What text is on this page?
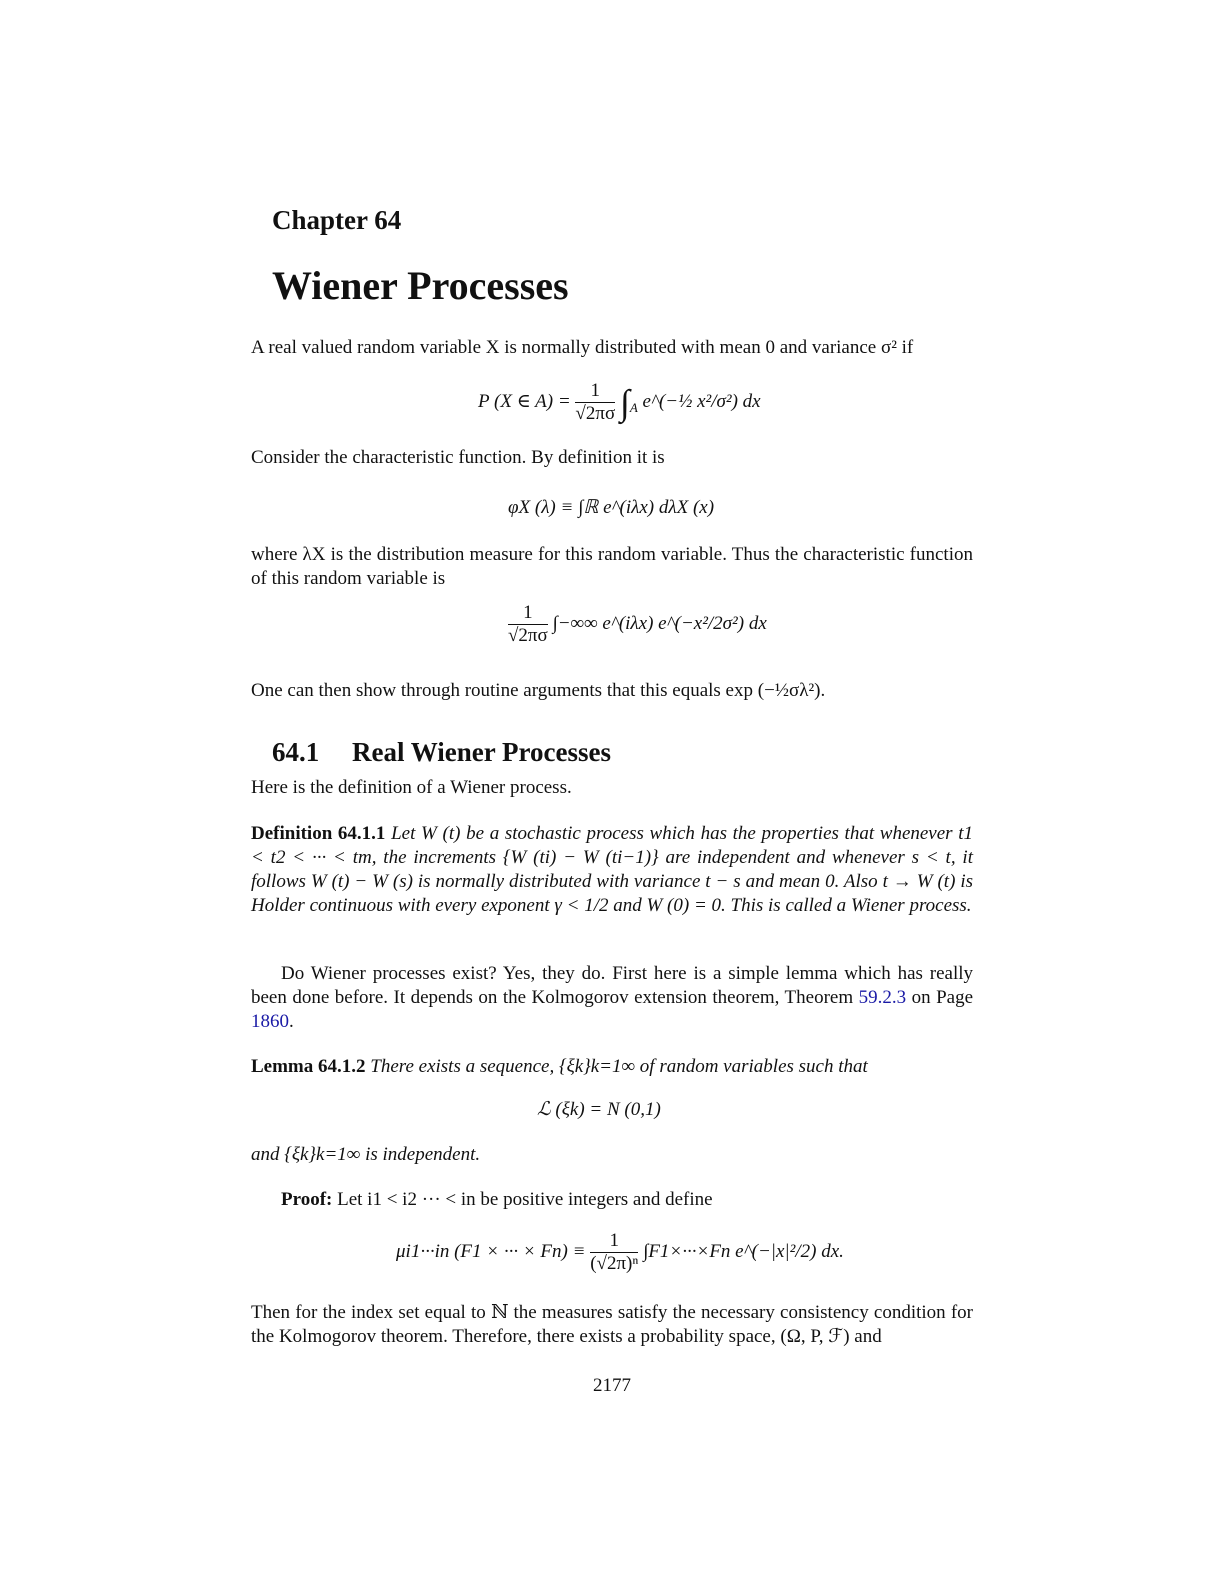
Chapter 64
Wiener Processes
A real valued random variable X is normally distributed with mean 0 and variance σ² if
P (X ∈ $A) = \frac{1}{√2\pi\sigma} \int_A$ e^(−½ x²/σ²) dx
Consider the characteristic function. By definition it is
φX (λ) ≡ ∫ℝ e^(iλx) dλX (x)
where λX is the distribution measure for this random variable. Thus the characteristic function of this random variable is
$\frac{1}{√2\pi\sigma}$ ∫−∞∞ e^(iλx) e^(−x²/2σ²) dx
One can then show through routine arguments that this equals exp (−½σλ²).
64.1 Real Wiener Processes
Here is the definition of a Wiener process.
Definition 64.1.1 Let W (t) be a stochastic process which has the properties that whenever t1 < t2 < ··· < tm, the increments {W (ti) − W (ti−1)} are independent and whenever s < t, it follows W (t) − W (s) is normally distributed with variance t − s and mean 0. Also t → W (t) is Holder continuous with every exponent γ < 1/2 and W (0) = 0. This is called a Wiener process.
Do Wiener processes exist? Yes, they do. First here is a simple lemma which has really been done before. It depends on the Kolmogorov extension theorem, Theorem 59.2.3 on Page 1860.
Lemma 64.1.2 There exists a sequence, {ξk}k=1∞ of random variables such that
ℒ (ξk) = N (0,1)
and {ξk}k=1∞ is independent.
Proof: Let i1 < i2 ··· < in be positive integers and define
μi1···in (F1 × ··· × $Fn) \equiv \frac{1}{\text{(√2π)ⁿ}} \int F1\times\cdot\cdot\cdot\times Fn$ e^(−|x|²/2) dx.
Then for the index set equal to ℕ the measures satisfy the necessary consistency condition for the Kolmogorov theorem. Therefore, there exists a probability space, (Ω, P, ℱ) and
2177
